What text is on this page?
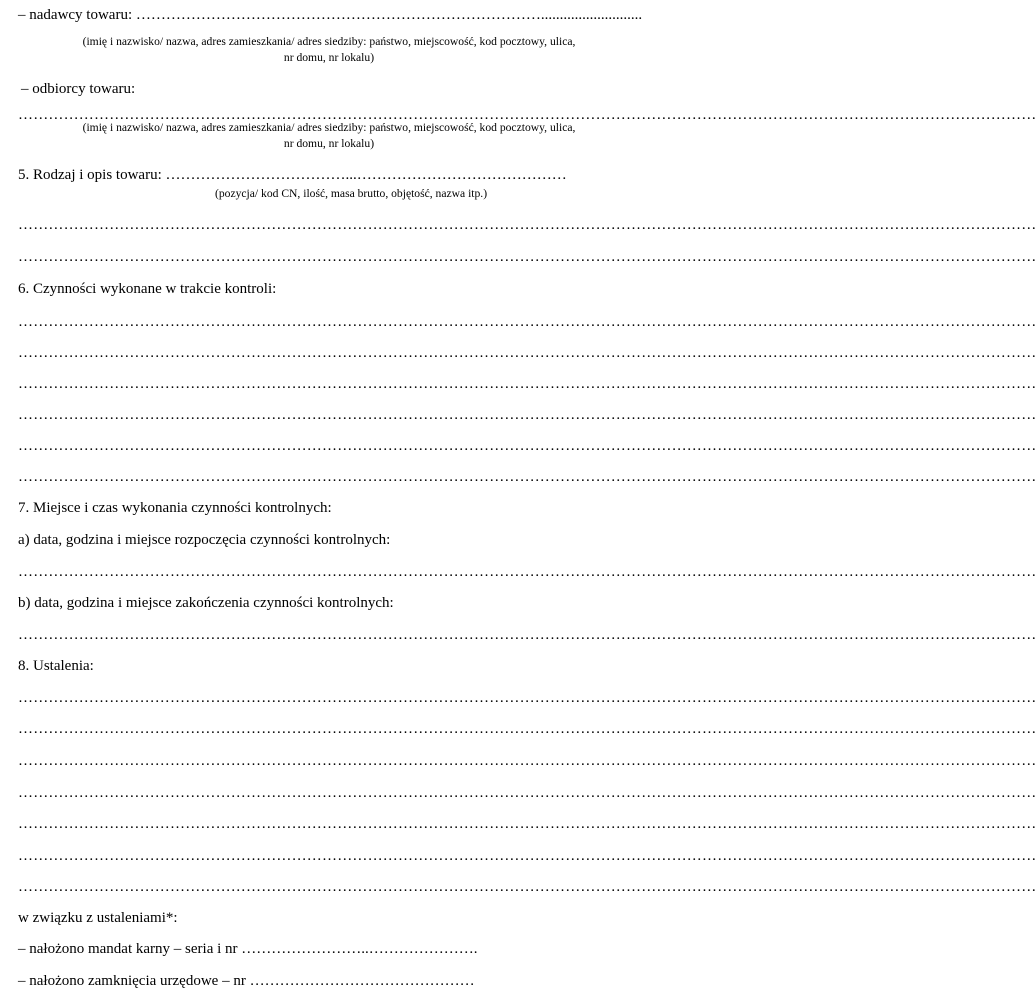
– nadawcy towaru: ………………………………………………………………………...........................
(imię i nazwisko/ nazwa, adres zamieszkania/ adres siedziby: państwo, miejscowość, kod pocztowy, ulica,
nr domu, nr lokalu)
– odbiorcy towaru:
…………………………………………………………………………………………………………………………………………………………………………………
(imię i nazwisko/ nazwa, adres zamieszkania/ adres siedziby: państwo, miejscowość, kod pocztowy, ulica,
nr domu, nr lokalu)
5. Rodzaj i opis towaru: ………………………………...……………………………………
(pozycja/ kod CN, ilość, masa brutto, objętość, nazwa itp.)
…………………………………………………………………………………………………………………………………………………………………………………
…………………………………………………………………………………………………………………………………………………………………………………
6. Czynności wykonane w trakcie kontroli:
…………………………………………………………………………………………………………………………………………………………………………………
…………………………………………………………………………………………………………………………………………………………………………………
…………………………………………………………………………………………………………………………………………………………………………………
…………………………………………………………………………………………………………………………………………………………………………………
…………………………………………………………………………………………………………………………………………………………………………………
…………………………………………………………………………………………………………………………………………………………………………………
7. Miejsce i czas wykonania czynności kontrolnych:
a) data, godzina i miejsce rozpoczęcia czynności kontrolnych:
…………………………………………………………………………………………………………………………………………………………………………………
b) data, godzina i miejsce zakończenia czynności kontrolnych:
…………………………………………………………………………………………………………………………………………………………………………………
8. Ustalenia:
…………………………………………………………………………………………………………………………………………………………………………………
…………………………………………………………………………………………………………………………………………………………………………………
…………………………………………………………………………………………………………………………………………………………………………………
…………………………………………………………………………………………………………………………………………………………………………………
…………………………………………………………………………………………………………………………………………………………………………………
…………………………………………………………………………………………………………………………………………………………………………………
…………………………………………………………………………………………………………………………………………………………………………………
w związku z ustaleniami*:
– nałożono mandat karny – seria i nr ……………………..………………….
– nałożono zamknięcia urzędowe – nr ………………………………………
